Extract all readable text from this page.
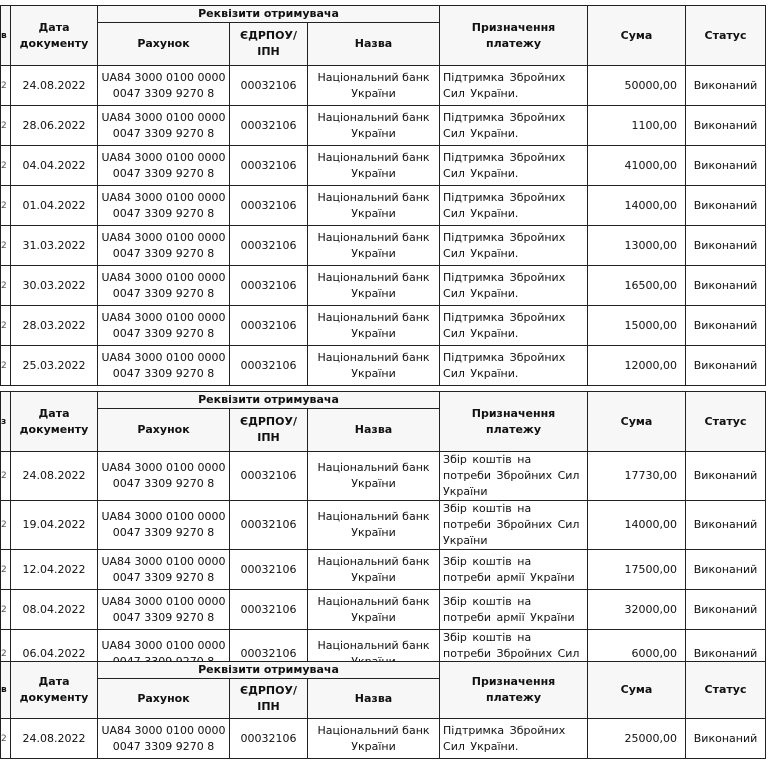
в	Дата документу	Реквізити отримувача			Призначення платежу	Сума	Статус
		Рахунок	ЄДРПОУ/ ІПН	Назва			
2	24.08.2022	UA84 3000 0100 0000 0047 3309 9270 8	00032106	Національний банк України	Підтримка Збройних Сил України.	50000,00	Виконаний
2	28.06.2022	UA84 3000 0100 0000 0047 3309 9270 8	00032106	Національний банк України	Підтримка Збройних Сил України.	1100,00	Виконаний
2	04.04.2022	UA84 3000 0100 0000 0047 3309 9270 8	00032106	Національний банк України	Підтримка Збройних Сил України.	41000,00	Виконаний
2	01.04.2022	UA84 3000 0100 0000 0047 3309 9270 8	00032106	Національний банк України	Підтримка Збройних Сил України.	14000,00	Виконаний
2	31.03.2022	UA84 3000 0100 0000 0047 3309 9270 8	00032106	Національний банк України	Підтримка Збройних Сил України.	13000,00	Виконаний
2	30.03.2022	UA84 3000 0100 0000 0047 3309 9270 8	00032106	Національний банк України	Підтримка Збройних Сил України.	16500,00	Виконаний
2	28.03.2022	UA84 3000 0100 0000 0047 3309 9270 8	00032106	Національний банк України	Підтримка Збройних Сил України.	15000,00	Виконаний
2	25.03.2022	UA84 3000 0100 0000 0047 3309 9270 8	00032106	Національний банк України	Підтримка Збройних Сил України.	12000,00	Виконаний
з	Дата документу	Реквізити отримувача			Призначення платежу	Сума	Статус
		Рахунок	ЄДРПОУ/ ІПН	Назва			
2	24.08.2022	UA84 3000 0100 0000 0047 3309 9270 8	00032106	Національний банк України	Збір коштів на потреби Збройних Сил України	17730,00	Виконаний
2	19.04.2022	UA84 3000 0100 0000 0047 3309 9270 8	00032106	Національний банк України	Збір коштів на потреби Збройних Сил України	14000,00	Виконаний
2	12.04.2022	UA84 3000 0100 0000 0047 3309 9270 8	00032106	Національний банк України	Збір коштів на потреби армії України	17500,00	Виконаний
2	08.04.2022	UA84 3000 0100 0000 0047 3309 9270 8	00032106	Національний банк України	Збір коштів на потреби армії України	32000,00	Виконаний
2	06.04.2022	UA84 3000 0100 0000	00032106	Національний банк	Збір коштів на потреби Збройних Сил	6000,00	Виконаний
в	Дата документу	Реквізити отримувача			Призначення платежу	Сума	Статус
		Рахунок	ЄДРПОУ/ ІПН	Назва			
2	24.08.2022	UA84 3000 0100 0000 0047 3309 9270 8	00032106	Національний банк України	Підтримка Збройних Сил України.	25000,00	Виконаний
